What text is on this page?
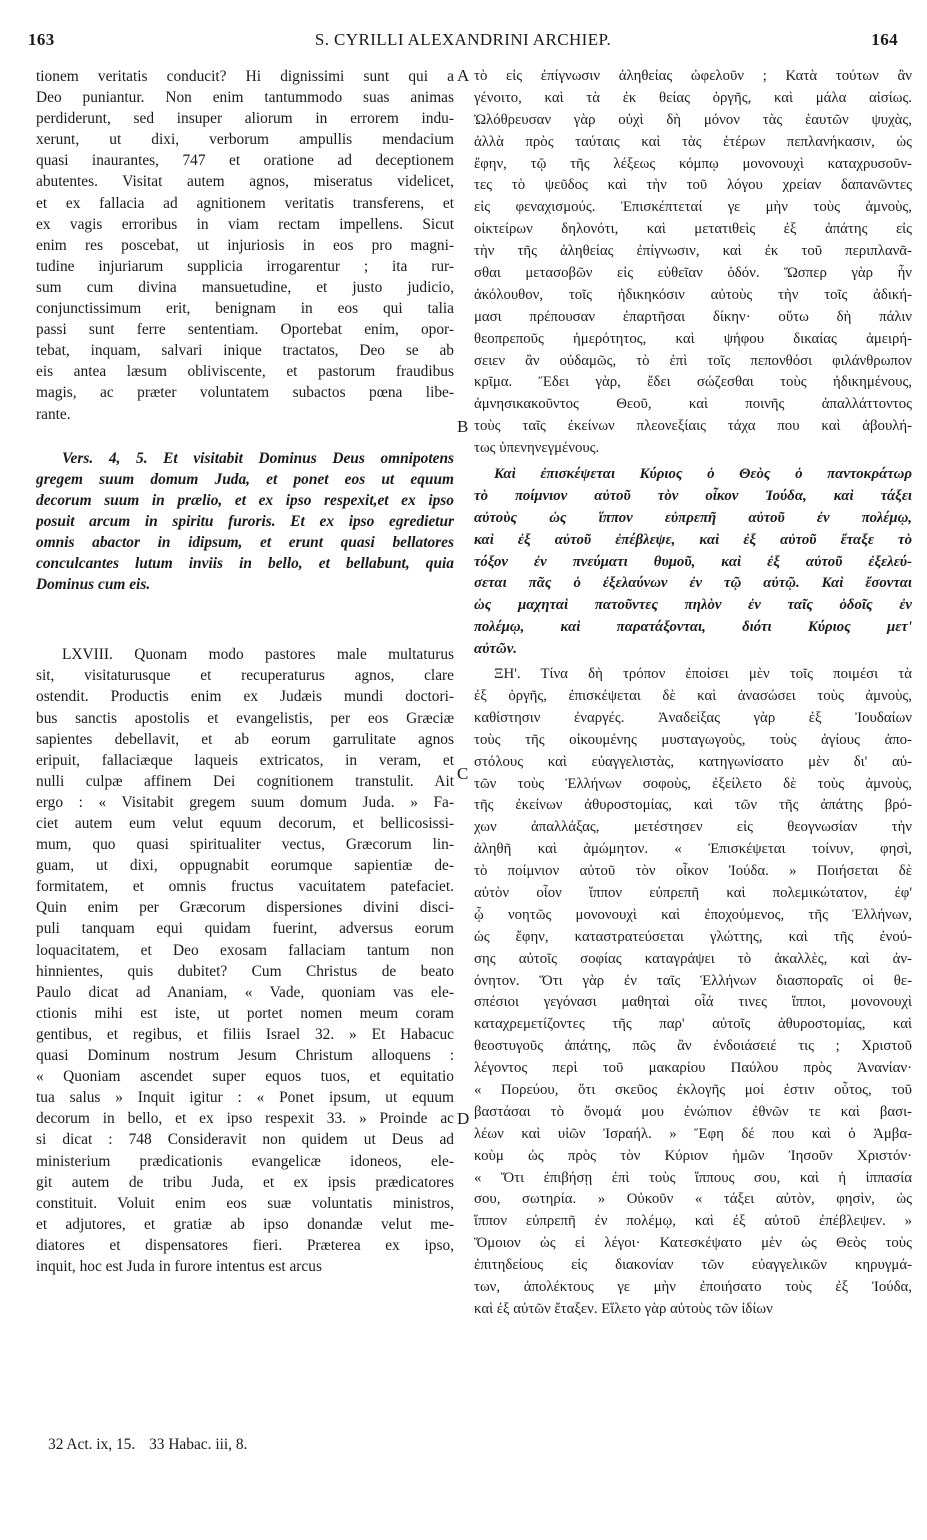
163	S. CYRILLI ALEXANDRINI ARCHIEP.	164
tionem veritatis conducit? Hi dignissimi sunt qui a
Deo puniantur. Non enim tantummodo suas animas
perdiderunt, sed insuper aliorum in errorem indu-
xerunt, ut dixi, verborum ampullis mendacium
quasi inaurantes, 747 et oratione ad deceptionem
abutentes. Visitat autem agnos, miseratus videlicet,
et ex fallacia ad agnitionem veritatis transferens, et
ex vagis erroribus in viam rectam impellens. Sicut
enim res poscebat, ut injuriosis in eos pro magni-
tudine injuriarum supplicia irrogarentur ; ita rur-
sum cum divina mansuetudine, et justo judicio,
conjunctissimum erit, benignam in eos qui talia
passi sunt ferre sententiam. Oportebat enim, opor-
tebat, inquam, salvari inique tractatos, Deo se ab
eis antea læsum obliviscente, et pastorum fraudibus
magis, ac præter voluntatem subactos pœna libe-
rante.
Vers. 4, 5. Et visitabit Dominus Deus omnipotens
gregem suum domum Juda, et ponet eos ut equum
decorum suum in prælio, et ex ipso respexit,et ex ipso
posuit arcum in spiritu furoris. Et ex ipso egredietur
omnis abactor in idipsum, et erunt quasi bellatores
conculcantes lutum inviis in bello, et bellabunt, quia
Dominus cum eis.
LXVIII. Quonam modo pastores male multaturus
sit, visitaturusque et recuperaturus agnos, clare
ostendit. Productis enim ex Judæis mundi doctori-
bus sanctis apostolis et evangelistis, per eos Græciæ
sapientes debellavit, et ab eorum garrulitate agnos
eripuit, fallaciæque laqueis extricatos, in veram, et
nulli culpæ affinem Dei cognitionem transtulit. Ait
ergo : « Visitabit gregem suum domum Juda. » Fa-
ciet autem eum velut equum decorum, et bellicosissi-
mum, quo quasi spiritualiter vectus, Græcorum lin-
guam, ut dixi, oppugnabit eorumque sapientiæ de-
formitatem, et omnis fructus vacuitatem patefaciet.
Quin enim per Græcorum dispersiones divini disci-
puli tanquam equi quidam fuerint, adversus eorum
loquacitatem, et Deo exosam fallaciam tantum non
hinnientes, quis dubitet? Cum Christus de beato
Paulo dicat ad Ananiam, « Vade, quoniam vas ele-
ctionis mihi est iste, ut portet nomen meum coram
gentibus, et regibus, et filiis Israel 32. » Et Habacuc
quasi Dominum nostrum Jesum Christum alloquens :
« Quoniam ascendet super equos tuos, et equitatio
tua salus » Inquit igitur : « Ponet ipsum, ut equum
decorum in bello, et ex ipso respexit 33. » Proinde ac
si dicat : 748 Consideravit non quidem ut Deus ad
ministerium prædicationis evangelicæ idoneos, ele-
git autem de tribu Juda, et ex ipsis prædicatores
constituit. Voluit enim eos suæ voluntatis ministros,
et adjutores, et gratiæ ab ipso donandæ velut me-
diatores et dispensatores fieri. Præterea ex ipso,
inquit, hoc est Juda in furore intentus est arcus
τὸ εἰς ἐπίγνωσιν ἀληθείας ὠφελοῦν ; Κατὰ τούτων ἂν
γένοιτο, καὶ τὰ ἐκ θείας ὀργῆς, καὶ μάλα αἰσίως.
Ὠλόθρευσαν γὰρ οὐχὶ δὴ μόνον τὰς ἑαυτῶν ψυχὰς,
ἀλλὰ πρὸς ταύταις καὶ τὰς ἑτέρων πεπλανήκασιν, ὡς
ἔφην, τῷ τῆς λέξεως κόμπῳ μονονουχὶ καταχρυσοῦν-
τες τὸ ψεῦδος καὶ τὴν τοῦ λόγου χρείαν δαπανῶντες
εἰς φεναχισμούς. Ἐπισκέπτεταί γε μὴν τοὺς ἀμνοὺς,
οἰκτείρων δηλονότι, καὶ μετατιθεὶς ἐξ ἀπάτης εἰς
τὴν τῆς ἀληθείας ἐπίγνωσιν, καὶ ἐκ τοῦ περιπλανᾶ-
σθαι μετασοβῶν εἰς εὐθεῖαν ὁδόν. Ὥσπερ γὰρ ἦν
ἀκόλουθον, τοῖς ἠδικηκόσιν αὐτοὺς τὴν τοῖς ἀδική-
μασι πρέπουσαν ἐπαρτῆσαι δίκην· οὕτω δὴ πάλιν
θεοπρεποῦς ἡμερότητος, καὶ ψήφου δικαίας ἀμειρή-
σειεν ἂν οὐδαμῶς, τὸ ἐπὶ τοῖς πεπονθόσι φιλάνθρωπον
κρῖμα. Ἔδει γὰρ, ἔδει σώζεσθαι τοὺς ἠδικημένους,
ἀμνησικακοῦντος Θεοῦ, καὶ ποινῆς ἀπαλλάττοντος
τοὺς ταῖς ἐκείνων πλεονεξίαις τάχα που καὶ ἀβουλή-
τως ὑπενηνεγμένους.
Καὶ ἐπισκέψεται Κύριος ὁ Θεὸς ὁ παντοκράτωρ
τὸ ποίμνιον αὐτοῦ τὸν οἶκον Ἰούδα, καὶ τάξει
αὐτοὺς ὡς ἵππον εὐπρεπῆ αὐτοῦ ἐν πολέμῳ,
καὶ ἐξ αὐτοῦ ἐπέβλεψε, καὶ ἐξ αὐτοῦ ἔταξε τὸ
τόξον ἐν πνεύματι θυμοῦ, καὶ ἐξ αὐτοῦ ἐξελεύ-
σεται πᾶς ὁ ἐξελαύνων ἐν τῷ αὐτῷ. Καὶ ἔσονται
ὡς μαχηταὶ πατοῦντες πηλὸν ἐν ταῖς ὁδοῖς ἐν
πολέμῳ, καὶ παρατάξονται, διότι Κύριος μετ'
αὐτῶν.
ΞΗ'. Τίνα δὴ τρόπον ἐποίσει μὲν τοῖς ποιμέσι τὰ
ἐξ ὀργῆς, ἐπισκέψεται δὲ καὶ ἀνασώσει τοὺς ἀμνοὺς,
καθίστησιν ἐναργές. Ἀναδείξας γὰρ ἐξ Ἰουδαίων
τοὺς τῆς οἰκουμένης μυσταγωγοὺς, τοὺς ἁγίους ἀπο-
στόλους καὶ εὐαγγελιστὰς, κατηγωνίσατο μὲν δι' αὐ-
τῶν τοὺς Ἑλλήνων σοφοὺς, ἐξείλετο δὲ τοὺς ἀμνοὺς,
τῆς ἐκείνων ἀθυροστομίας, καὶ τῶν τῆς ἀπάτης βρό-
χων ἀπαλλάξας, μετέστησεν εἰς θεογνωσίαν τὴν
ἀληθῆ καὶ ἀμώμητον. « Ἐπισκέψεται τοίνυν, φησὶ,
τὸ ποίμνιον αὐτοῦ τὸν οἶκον Ἰούδα. » Ποιήσεται δὲ
αὐτὸν οἷον ἵππον εὐπρεπῆ καὶ πολεμικώτατον, ἐφ'
ᾧ νοητῶς μονονουχὶ καὶ ἐποχούμενος, τῆς Ἑλλήνων,
ὡς ἔφην, καταστρατεύσεται γλώττης, καὶ τῆς ἐνού-
σης αὐτοῖς σοφίας καταγράψει τὸ ἀκαλλὲς, καὶ ἀν-
όνητον. Ὅτι γὰρ ἐν ταῖς Ἑλλήνων διασποραῖς οἱ θε-
σπέσιοι γεγόνασι μαθηταὶ οἷά τινες ἵπποι, μονονουχὶ
καταχρεμετίζοντες τῆς παρ' αὐτοῖς ἀθυροστομίας, καὶ
θεοστυγοῦς ἀπάτης, πῶς ἂν ἐνδοιάσειέ τις ; Χριστοῦ
λέγοντος περὶ τοῦ μακαρίου Παύλου πρὸς Ἀνανίαν·
« Πορεύου, ὅτι σκεῦος ἐκλογῆς μοί ἐστιν οὗτος, τοῦ
βαστάσαι τὸ ὄνομά μου ἐνώπιον ἐθνῶν τε καὶ βασι-
λέων καὶ υἱῶν Ἰσραήλ. » Ἔφη δέ που καὶ ὁ Ἀμβα-
κοὺμ ὡς πρὸς τὸν Κύριον ἡμῶν Ἰησοῦν Χριστόν·
« Ὅτι ἐπιβήσῃ ἐπὶ τοὺς ἵππους σου, καὶ ἡ ἱππασία
σου, σωτηρία. » Οὐκοῦν « τάξει αὐτὸν, φησὶν, ὡς
ἵππον εὐπρεπῆ ἐν πολέμῳ, καὶ ἐξ αὐτοῦ ἐπέβλεψεν. »
Ὅμοιον ὡς εἰ λέγοι· Κατεσκέψατο μὲν ὡς Θεὸς τοὺς
ἐπιτηδείους εἰς διακονίαν τῶν εὐαγγελικῶν κηρυγμά-
των, ἀπολέκτους γε μὴν ἐποιήσατο τοὺς ἐξ Ἰούδα,
καὶ ἐξ αὐτῶν ἔταξεν. Εἵλετο γὰρ αὐτοὺς τῶν ἰδίων
A
B
C
D
32 Act. ix, 15. 33 Habac. iii, 8.
